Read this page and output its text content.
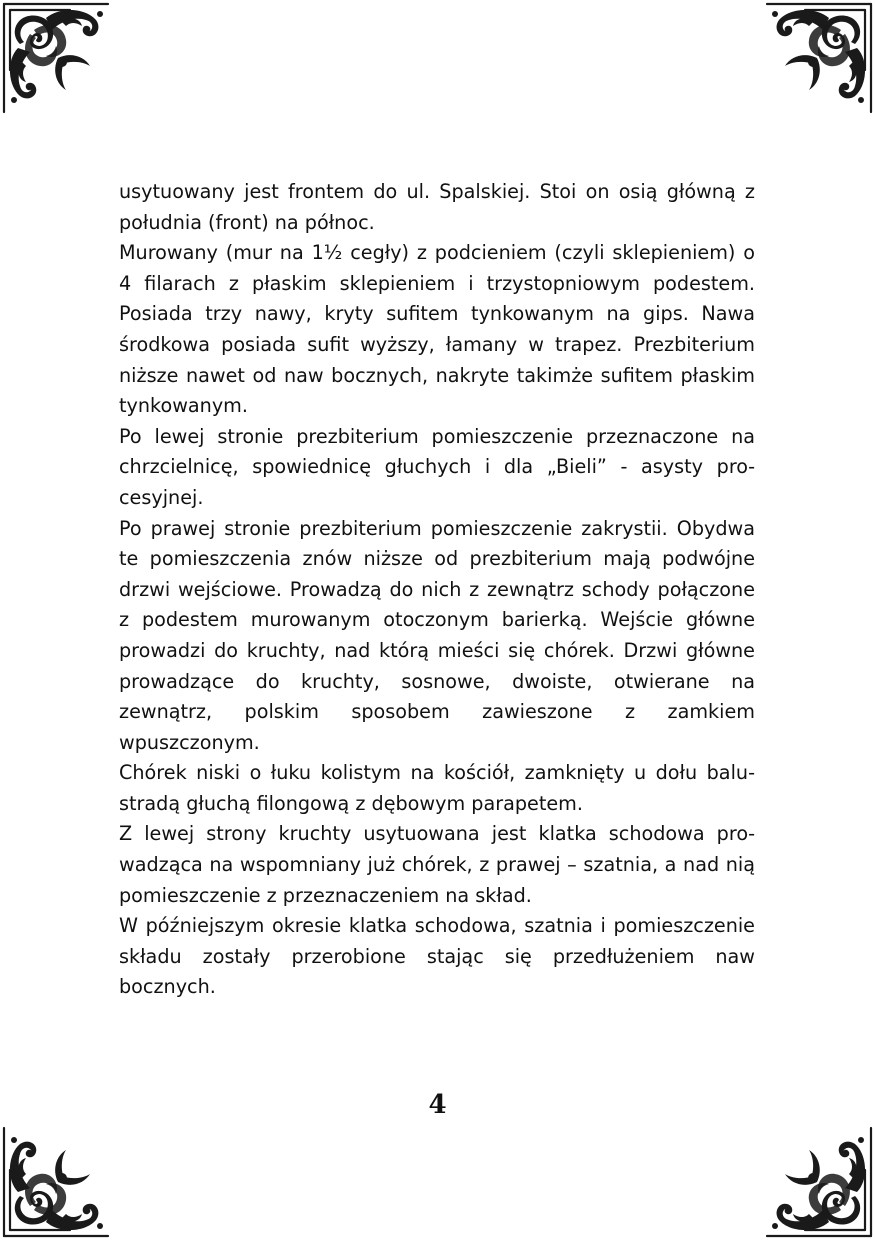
usytuowany jest frontem do ul. Spalskiej. Stoi on osią główną z południa (front) na północ.

Murowany (mur na 1½ cegły) z podcieniem (czyli sklepieniem) o 4 filarach z płaskim sklepieniem i trzystopniowym podestem. Posiada trzy nawy, kryty sufitem tynkowanym na gips. Nawa środkowa posiada sufit wyższy, łamany w trapez. Prezbiterium niższe nawet od naw bocznych, nakryte takimże sufitem płaskim tynkowanym.

Po lewej stronie prezbiterium pomieszczenie przeznaczone na chrzcielnicę, spowiednicę głuchych i dla „Bieli” - asysty procesyjnej.

Po prawej stronie prezbiterium pomieszczenie zakrystii. Obydwa te pomieszczenia znów niższe od prezbiterium mają podwójne drzwi wejściowe. Prowadzą do nich z zewnątrz schody połączone z podestem murowanym otoczonym barierką. Wejście główne prowadzi do kruchty, nad którą mieści się chórek. Drzwi główne prowadzące do kruchty, sosnowe, dwoiste, otwierane na zewnątrz, polskim sposobem zawieszone z zamkiem wpuszczonym.

Chórek niski o łuku kolistym na kościół, zamknięty u dołu balustradą głuchą filongową z dębowym parapetem.

Z lewej strony kruchty usytuowana jest klatka schodowa prowadząca na wspomniany już chórek, z prawej – szatnia, a nad nią pomieszczenie z przeznaczeniem na skład.

W późniejszym okresie klatka schodowa, szatnia i pomieszczenie składu zostały przerobione stając się przedłużeniem naw bocznych.

4
